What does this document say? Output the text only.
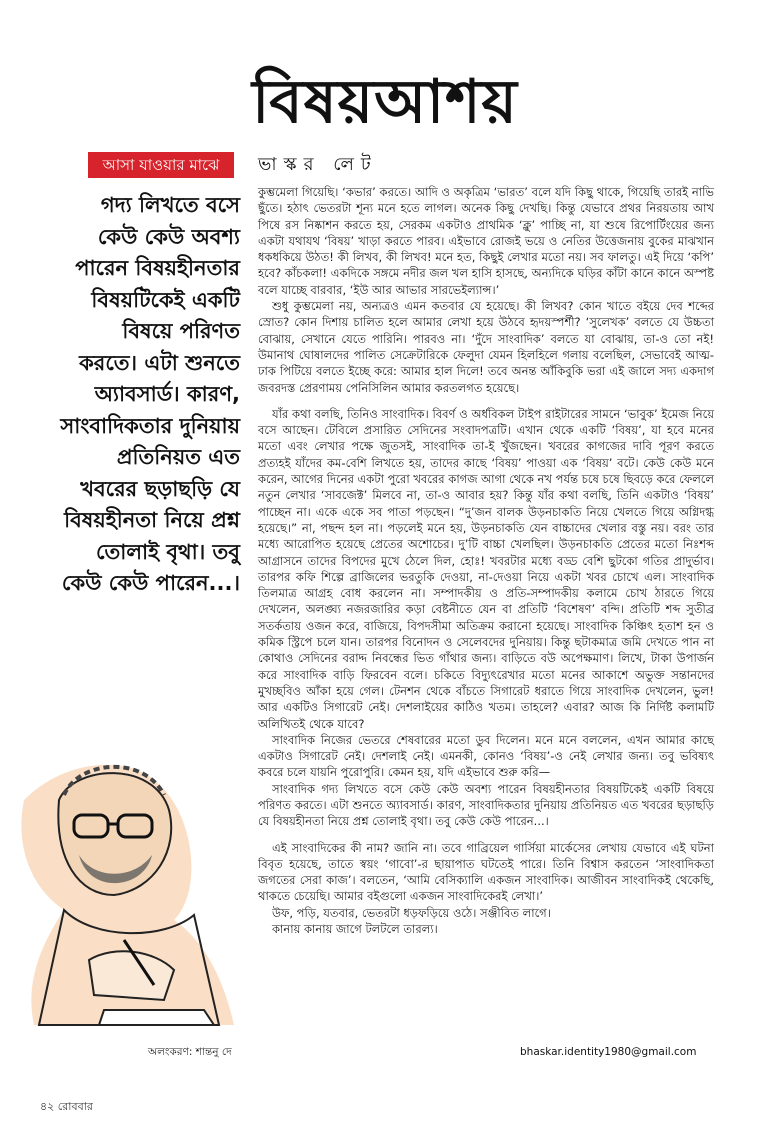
বিষয়আশয়
আসা যাওয়ার মাঝে	ভাস্কর লেট

গদ্য লিখতে বসে কেউ কেউ অবশ্য পারেন বিষয়হীনতার বিষয়টিকেই একটি বিষয়ে পরিণত করতে। এটা শুনতে অ্যাবসার্ড। কারণ, সাংবাদিকতার দুনিয়ায় প্রতিনিয়ত এত খবরের ছড়াছড়ি যে বিষয়হীনতা নিয়ে প্রশ্ন তোলাই বৃথা। তবু কেউ কেউ পারেন...।

কুম্ভমেলা গিয়েছি। ‘কভার’ করতে। আদি ও অকৃত্রিম ‘ভারত’ বলে যদি কিছু থাকে, গিয়েছি তারই নাভি ছুঁতে। হঠাৎ ভেতরটা শূন্য মনে হতে লাগল। অনেক কিছু দেখছি। কিন্তু যেভাবে প্রথর নিরয়তায় আখ পিষে রস নিষ্কাশন করতে হয়, সেরকম একটাও প্রাথমিক ‘ক্লু’ পাচ্ছি না, যা শুষে রিপোর্টিংয়ের জন্য একটা যথাযথ ‘বিষয়’ খাড়া করতে পারব। এইভাবে রোজই ভয়ে ও নেতির উত্তেজনায় বুকের মাঝখান ধকধকিয়ে উঠত! কী লিখব, কী লিখব! মনে হত, কিছুই লেখার মতো নয়। সব ফালতু। এই দিয়ে ‘কপি’ হবে? কাঁচকলা! একদিকে সঙ্গমে নদীর জল খল হাসি হাসছে, অন্যদিকে ঘড়ির কাঁটা কানে কানে অস্পষ্ট বলে যাচ্ছে বারবার, ‘ইউ আর আভার সারভেইল্যান্স।’

শুধু কুম্ভমেলা নয়, অন্যত্রও এমন কতবার যে হয়েছে। কী লিখব? কোন খাতে বইয়ে দেব শব্দের স্রোত? কোন দিশায় চালিত হলে আমার লেখা হয়ে উঠবে হৃদয়স্পর্শী? ‘সুলেখক’ বলতে যে উচ্চতা বোঝায়, সেখানে যেতে পারিনি। পারবও না। ‘দুঁদে সাংবাদিক’ বলতে যা বোঝায়, তা-ও তো নই! উমানাথ ঘোষালদের পালিত সেক্রেটারিকে ফেলুদা যেমন হিলহিলে গলায় বলেছিল, সেভাবেই আত্ম-ঢাক পিটিয়ে বলতে ইচ্ছে করে: আমার হাল দিলে! তবে অনন্ত আঁকিবুকি ভরা এই জালে সদ্য একদাগ জবরদস্ত প্রেরণাময় পেনিসিলিন আমার করতলগত হয়েছে।

যাঁর কথা বলছি, তিনিও সাংবাদিক। বিবর্ণ ও অর্ধবিকল টাইপ রাইটারের সামনে ‘ভাবুক’ ইমেজ নিয়ে বসে আছেন। টেবিলে প্রসারিত সেদিনের সংবাদপত্রটি। এখান থেকে একটি ‘বিষয়’, যা হবে মনের মতো এবং লেখার পক্ষে জুতসই, সাংবাদিক তা-ই খুঁজছেন। খবরের কাগজের দাবি পূরণ করতে প্রত্যহই যাঁদের কম-বেশি লিখতে হয়, তাদের কাছে ‘বিষয়’ পাওয়া এক ‘বিষয়’ বটে। কেউ কেউ মনে করেন, আগের দিনের একটা পুরো খবরের কাগজ আগা থেকে নখ পর্যন্ত চষে চষে ছিবড়ে করে ফেললে নতুন লেখার ‘সাবজেক্ট’ মিলবে না, তা-ও আবার হয়? কিন্তু যাঁর কথা বলছি, তিনি একটাও ‘বিষয়’ পাচ্ছেন না। একে একে সব পাতা পড়ছেন। “দু’জন বালক উড়নচাকতি নিয়ে খেলতে গিয়ে অগ্নিদগ্ধ হয়েছে।” না, পছন্দ হল না। পড়লেই মনে হয়, উড়নচাকতি যেন বাচ্চাদের খেলার বস্তু নয়। বরং তার মধ্যে আরোপিত হয়েছে প্রেতের অশোচের। দু’টি বাচ্চা খেলছিল। উড়নচাকতি প্রেতের মতো নিঃশব্দ আগ্রাসনে তাদের বিপদের মুখে ঠেলে দিল, হোঃ! খবরটার মধ্যে বড্ড বেশি ছুটকো গতির প্রাদুর্ভাব। তারপর কফি শিল্পে ব্রাজিলের ভরতুকি দেওয়া, না-দেওয়া নিয়ে একটা খবর চোখে এল। সাংবাদিক তিলমাত্র আগ্রহ বোধ করলেন না। সম্পাদকীয় ও প্রতি-সম্পাদকীয় কলামে চোখ ঠারতে গিয়ে দেখলেন, অলঙ্ঘ্য নজরজারির কড়া বেষ্টনীতে যেন বা প্রতিটি ‘বিশেষণ’ বন্দি। প্রতিটি শব্দ সুতীব্র সতর্কতায় ওজন করে, বাজিয়ে, বিপদসীমা অতিক্রম করানো হয়েছে। সাংবাদিক কিঞ্চিৎ হতাশ হন ও কমিক স্ট্রিপে চলে যান। তারপর বিনোদন ও সেলেবদের দুনিয়ায়। কিন্তু ছটাকমাত্র জমি দেখতে পান না কোথাও সেদিনের বরাদ্দ নিবন্ধের ভিত গাঁথার জন্য। বাড়িতে বউ অপেক্ষমাণ। লিখে, টাকা উপার্জন করে সাংবাদিক বাড়ি ফিরবেন বলে। চকিতে বিদ্যুৎরেখার মতো মনের আকাশে অভুক্ত সন্তানদের মুখচ্ছবিও আঁকা হয়ে গেল। টেনশন থেকে বাঁচতে সিগারেট ধরাতে গিয়ে সাংবাদিক দেখলেন, ভুল! আর একটিও সিগারেট নেই। দেশলাইয়ের কাঠিও খতম। তাহলে? এবার? আজ কি নির্দিষ্ট কলামটি অলিখিতই থেকে যাবে?

সাংবাদিক নিজের ভেতরে শেষবারের মতো ডুব দিলেন। মনে মনে বললেন, এখন আমার কাছে একটাও সিগারেট নেই। দেশলাই নেই। এমনকী, কোনও ‘বিষয়’-ও নেই লেখার জন্য। তবু ভবিষ্যৎ কবরে চলে যায়নি পুরোপুরি। কেমন হয়, যদি এইভাবে শুরু করি—

সাংবাদিক গদ্য লিখতে বসে কেউ কেউ অবশ্য পারেন বিষয়হীনতার বিষয়টিকেই একটি বিষয়ে পরিণত করতে। এটা শুনতে অ্যাবসার্ড। কারণ, সাংবাদিকতার দুনিয়ায় প্রতিনিয়ত এত খবরের ছড়াছড়ি যে বিষয়হীনতা নিয়ে প্রশ্ন তোলাই বৃথা। তবু কেউ কেউ পারেন...।

এই সাংবাদিকের কী নাম? জানি না। তবে গাব্রিয়েল গার্সিয়া মার্কেসের লেখায় যেভাবে এই ঘটনা বিবৃত হয়েছে, তাতে স্বয়ং ‘গাবো’-র ছায়াপাত ঘটতেই পারে। তিনি বিশ্বাস করতেন ‘সাংবাদিকতা জগতের সেরা কাজ’। বলতেন, ‘আমি বেসিক্যালি একজন সাংবাদিক। আজীবন সাংবাদিকই থেকেছি, থাকতে চেয়েছি। আমার বইগুলো একজন সাংবাদিকেরই লেখা।’

উফ, পড়ি, যতবার, ভেতরটা ধড়ফড়িয়ে ওঠে। সঞ্জীবিত লাগে।

কানায় কানায় জাগে টলটলে তারল্য।

অলংকরণ: শান্তনু দে	bhaskar.identity1980@gmail.com
৪২ রোববার
